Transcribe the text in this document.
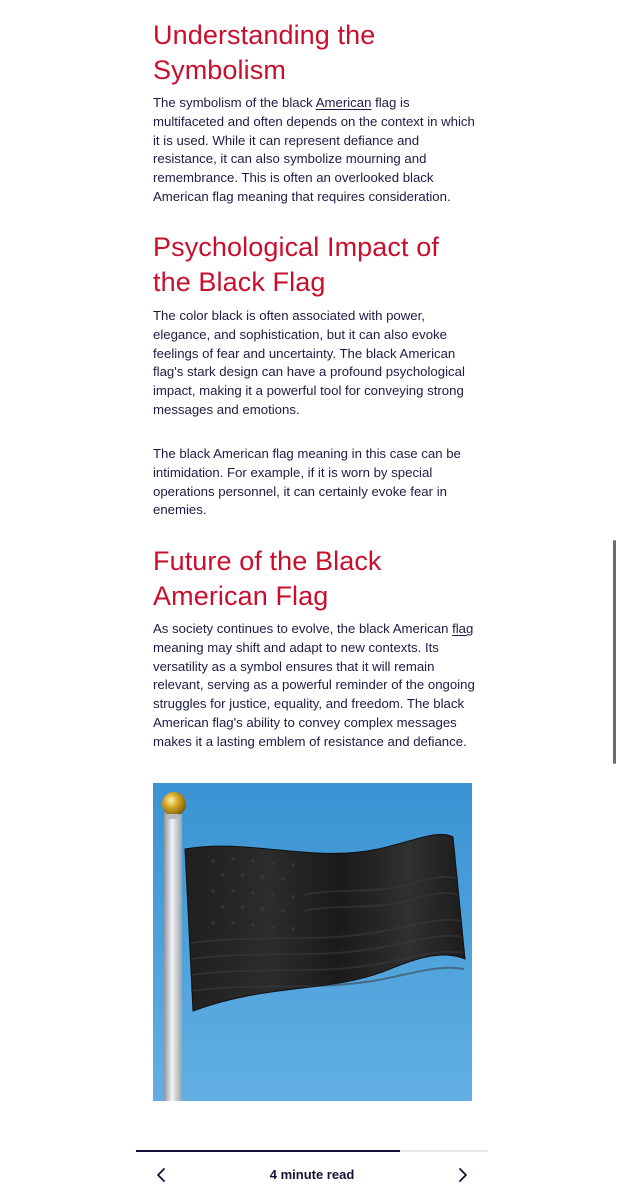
Understanding the Symbolism

The symbolism of the black American flag is multifaceted and often depends on the context in which it is used. While it can represent defiance and resistance, it can also symbolize mourning and remembrance. This is often an overlooked black American flag meaning that requires consideration.

Psychological Impact of the Black Flag

The color black is often associated with power, elegance, and sophistication, but it can also evoke feelings of fear and uncertainty. The black American flag's stark design can have a profound psychological impact, making it a powerful tool for conveying strong messages and emotions.

The black American flag meaning in this case can be intimidation. For example, if it is worn by special operations personnel, it can certainly evoke fear in enemies.

Future of the Black American Flag

As society continues to evolve, the black American flag meaning may shift and adapt to new contexts. Its versatility as a symbol ensures that it will remain relevant, serving as a powerful reminder of the ongoing struggles for justice, equality, and freedom. The black American flag's ability to convey complex messages makes it a lasting emblem of resistance and defiance.

4 minute read
